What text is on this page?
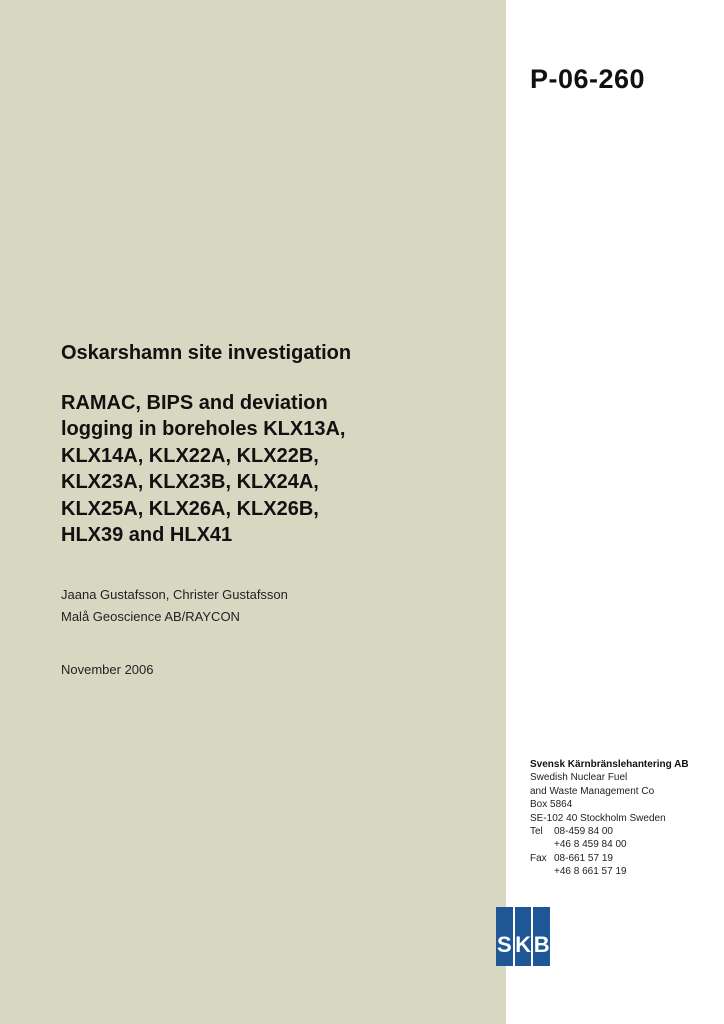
P-06-260
Oskarshamn site investigation
RAMAC, BIPS and deviation
logging in boreholes KLX13A,
KLX14A, KLX22A, KLX22B,
KLX23A, KLX23B, KLX24A,
KLX25A, KLX26A, KLX26B,
HLX39 and HLX41
Jaana Gustafsson, Christer Gustafsson
Malå Geoscience AB/RAYCON
November 2006
Svensk Kärnbränslehantering AB
Swedish Nuclear Fuel
and Waste Management Co
Box 5864
SE-102 40 Stockholm Sweden
Tel	08-459 84 00
+46 8 459 84 00
Fax 08-661 57 19
+46 8 661 57 19
S K B
